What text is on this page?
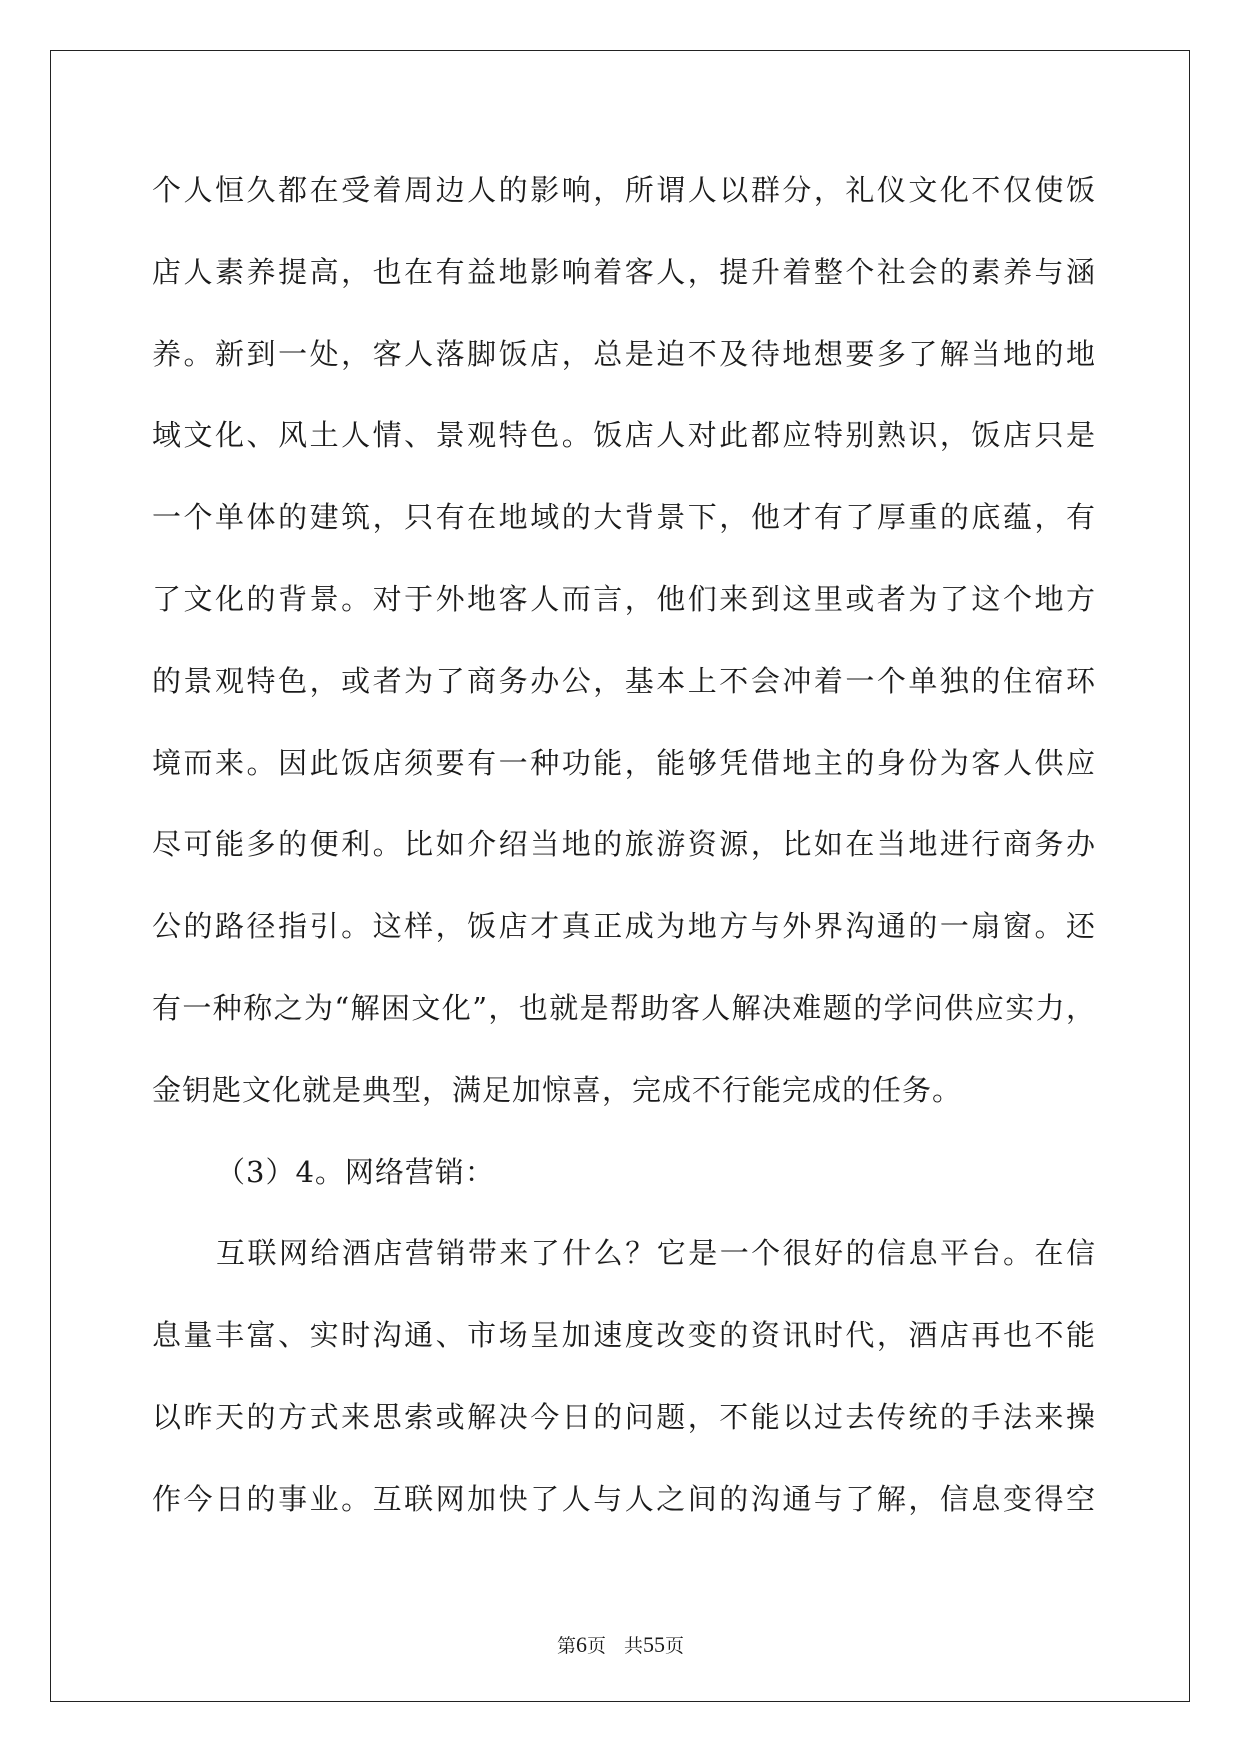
个人恒久都在受着周边人的影响，所谓人以群分，礼仪文化不仅使饭
店人素养提高，也在有益地影响着客人，提升着整个社会的素养与涵
养。新到一处，客人落脚饭店，总是迫不及待地想要多了解当地的地
域文化、风土人情、景观特色。饭店人对此都应特别熟识，饭店只是
一个单体的建筑，只有在地域的大背景下，他才有了厚重的底蕴，有
了文化的背景。对于外地客人而言，他们来到这里或者为了这个地方
的景观特色，或者为了商务办公，基本上不会冲着一个单独的住宿环
境而来。因此饭店须要有一种功能，能够凭借地主的身份为客人供应
尽可能多的便利。比如介绍当地的旅游资源，比如在当地进行商务办
公的路径指引。这样，饭店才真正成为地方与外界沟通的一扇窗。还
有一种称之为“解困文化”，也就是帮助客人解决难题的学问供应实力，
金钥匙文化就是典型，满足加惊喜，完成不行能完成的任务。
（3）4。网络营销：
互联网给酒店营销带来了什么？它是一个很好的信息平台。在信
息量丰富、实时沟通、市场呈加速度改变的资讯时代，酒店再也不能
以昨天的方式来思索或解决今日的问题，不能以过去传统的手法来操
作今日的事业。互联网加快了人与人之间的沟通与了解，信息变得空
第6页 共55页
